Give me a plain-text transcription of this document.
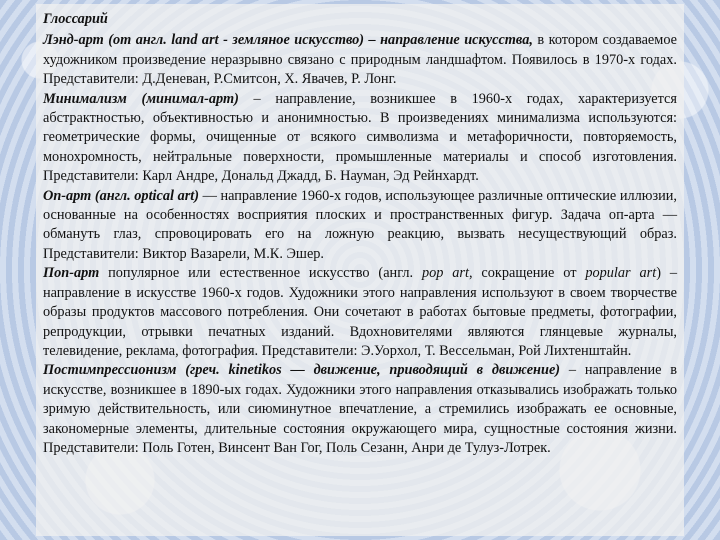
Глоссарий

Лэнд-арт (от англ. land art - земляное искусство) – направление искусства, в котором создаваемое художником произведение неразрывно связано с природным ландшафтом. Появилось в 1970-х годах. Представители: Д.Деневан, Р.Смитсон, Х. Явачев, Р. Лонг.

Минимализм (минимал-арт) – направление, возникшее в 1960-х годах, характеризуется абстрактностью, объективностью и анонимностью. В произведениях минимализма используются: геометрические формы, очищенные от всякого символизма и метафоричности, повторяемость, монохромность, нейтральные поверхности, промышленные материалы и способ изготовления. Представители: Карл Андре, Дональд Джадд, Б. Науман, Эд Рейнхардт.

Оп-арт (англ. optical art) — направление 1960-х годов, использующее различные оптические иллюзии, основанные на особенностях восприятия плоских и пространственных фигур. Задача оп-арта — обмануть глаз, спровоцировать его на ложную реакцию, вызвать несуществующий образ. Представители: Виктор Вазарели, М.К. Эшер.

Поп-арт популярное или естественное искусство (англ. pop art, сокращение от popular art) – направление в искусстве 1960-х годов. Художники этого направления используют в своем творчестве образы продуктов массового потребления. Они сочетают в работах бытовые предметы, фотографии, репродукции, отрывки печатных изданий. Вдохновителями являются глянцевые журналы, телевидение, реклама, фотография. Представители: Э.Уорхол, Т. Вессельман, Рой Лихтенштайн.

Постимпрессионизм (греч. kinetikos — движение, приводящий в движение) – направление в искусстве, возникшее в 1890-ых годах. Художники этого направления отказывались изображать только зримую действительность, или сиюминутное впечатление, а стремились изображать ее основные, закономерные элементы, длительные состояния окружающего мира, сущностные состояния жизни. Представители: Поль Готен, Винсент Ван Гог, Поль Сезанн, Анри де Тулуз-Лотрек.
